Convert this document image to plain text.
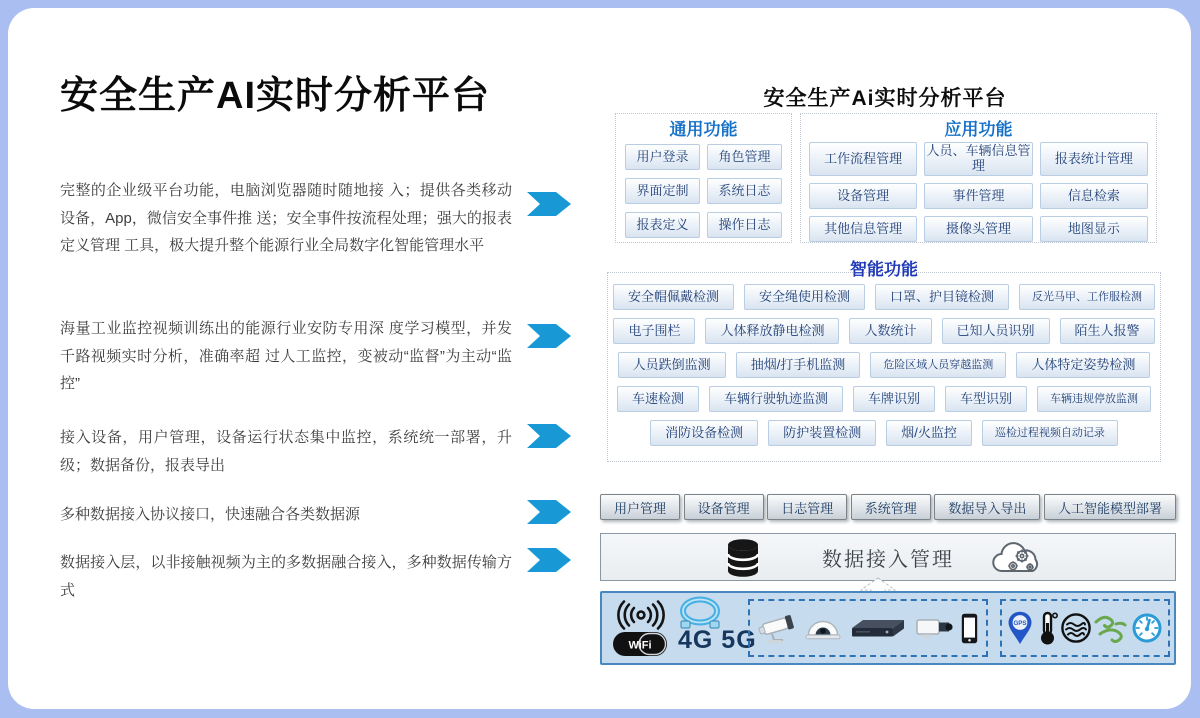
安全生产AI实时分析平台
完整的企业级平台功能，电脑浏览器随时随地接 入；提供各类移动设备，App，微信安全事件推 送；安全事件按流程处理；强大的报表定义管理 工具，极大提升整个能源行业全局数字化智能管理水平
海量工业监控视频训练出的能源行业安防专用深 度学习模型，并发千路视频实时分析，准确率超 过人工监控，变被动“监督”为主动“监控”
接入设备，用户管理，设备运行状态集中监控，系统统一部署，升级；数据备份，报表导出
多种数据接入协议接口，快速融合各类数据源
数据接入层，以非接触视频为主的多数据融合接入，多种数据传输方式
安全生产Ai实时分析平台
通用功能
用户登录	角色管理
界面定制	系统日志
报表定义	操作日志
应用功能
工作流程管理	人员、车辆信息管理	报表统计管理
设备管理	事件管理	信息检索
其他信息管理	摄像头管理	地图显示
智能功能
安全帽佩戴检测	安全绳使用检测	口罩、护目镜检测	反光马甲、工作服检测
电子围栏	人体释放静电检测	人数统计	已知人员识别	陌生人报警
人员跌倒监测	抽烟/打手机监测	危险区域人员穿越监测	人体特定姿势检测
车速检测	车辆行驶轨迹监测	车牌识别	车型识别	车辆违规停放监测
消防设备检测	防护装置检测	烟/火监控	巡检过程视频自动记录
用户管理	设备管理	日志管理	系统管理	数据导入导出	人工智能模型部署
数据接入管理
WiFi 4G 5G
GPS
